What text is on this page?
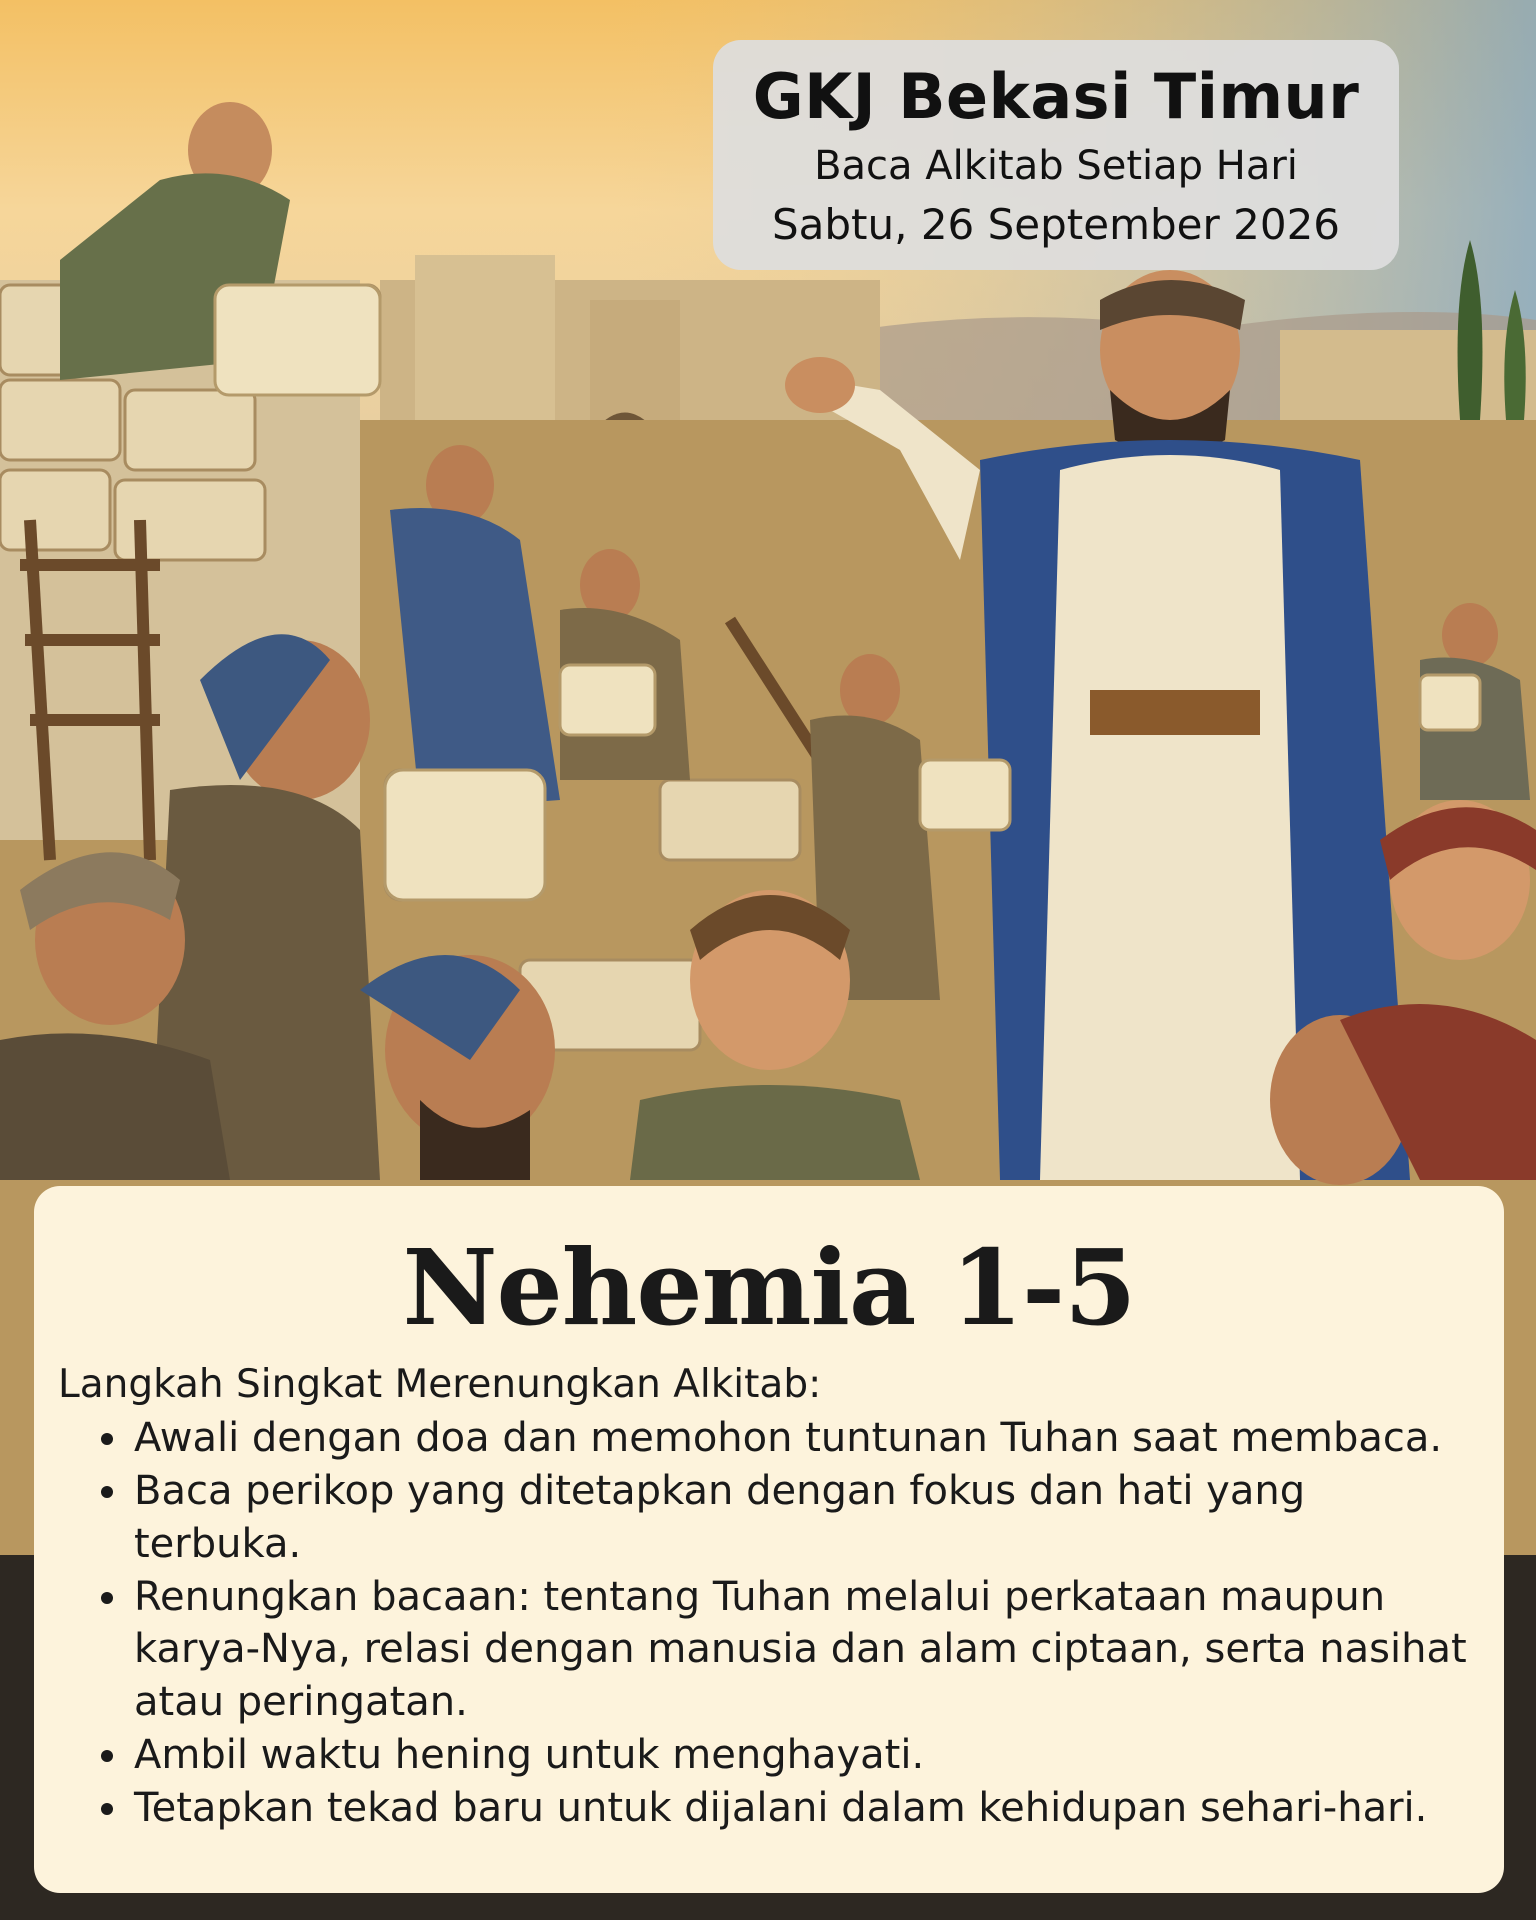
GKJ Bekasi Timur
Baca Alkitab Setiap Hari
Sabtu, 26 September 2026
Nehemia 1-5
Langkah Singkat Merenungkan Alkitab:
• Awali dengan doa dan memohon tuntunan Tuhan saat membaca.
• Baca perikop yang ditetapkan dengan fokus dan hati yang terbuka.
• Renungkan bacaan: tentang Tuhan melalui perkataan maupun karya-Nya, relasi dengan manusia dan alam ciptaan, serta nasihat atau peringatan.
• Ambil waktu hening untuk menghayati.
• Tetapkan tekad baru untuk dijalani dalam kehidupan sehari-hari.
